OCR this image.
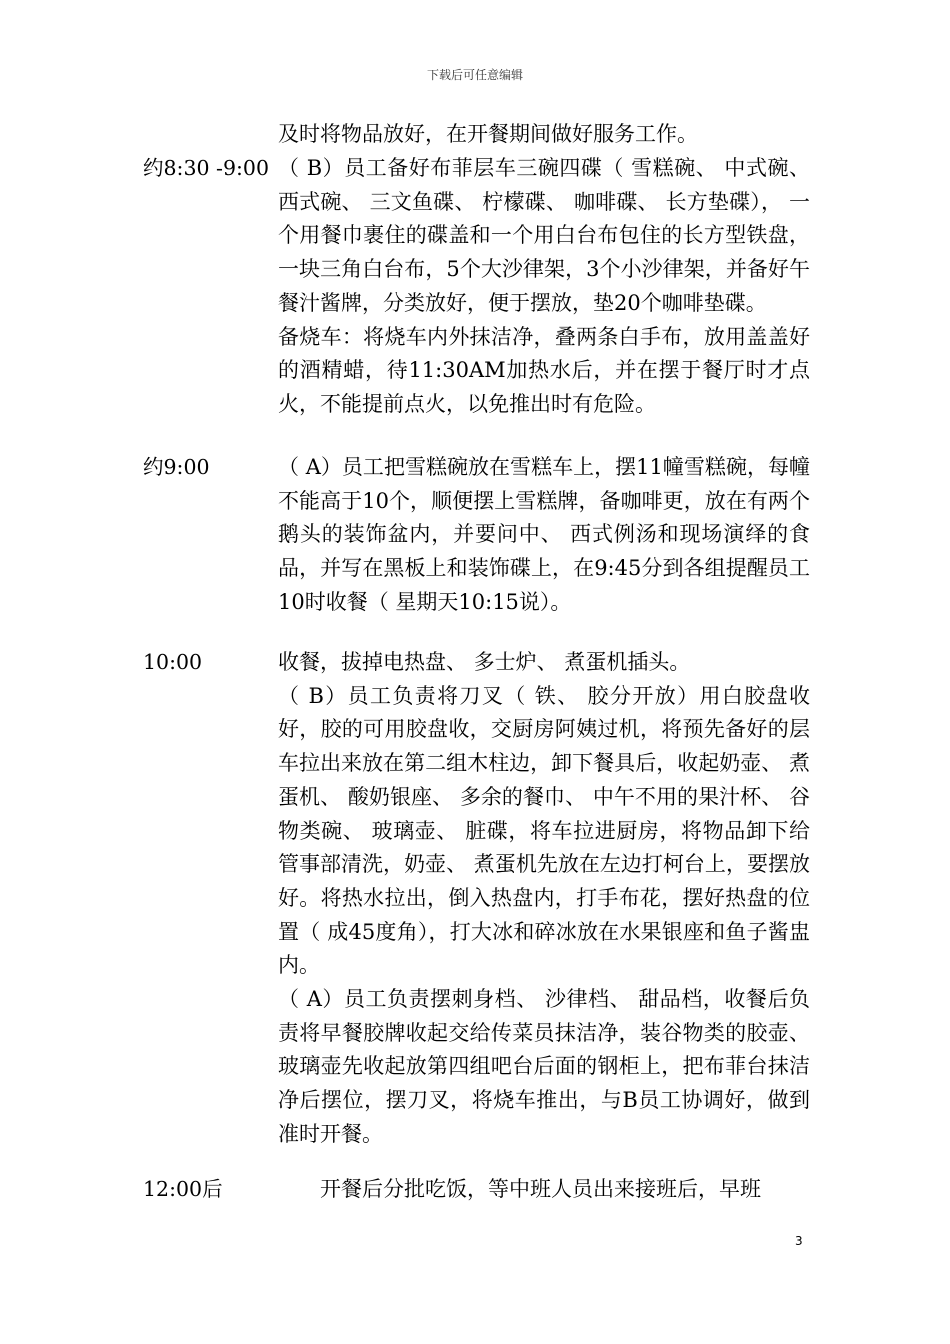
下载后可任意编辑
及时将物品放好，在开餐期间做好服务工作。
约8:30 -9:00 （ B）员工备好布菲层车三碗四碟（ 雪糕碗、 中式碗、 西式碗、 三文鱼碟、 柠檬碟、 咖啡碟、 长方垫碟）， 一个用餐巾裹住的碟盖和一个用白台布包住的长方型铁盘， 一块三角白台布，5个大沙律架，3个小沙律架，并备好午餐汁酱牌，分类放好，便于摆放，垫20个咖啡垫碟。
备烧车：将烧车内外抹洁净，叠两条白手布，放用盖盖好的酒精蜡，待11:30AM加热水后，并在摆于餐厅时才点火，不能提前点火，以免推出时有危险。
约9:00	（ A）员工把雪糕碗放在雪糕车上，摆11幢雪糕碗，每幢不能高于10个，顺便摆上雪糕牌，备咖啡更，放在有两个鹅头的装饰盆内，并要问中、 西式例汤和现场演绎的食品，并写在黑板上和装饰碟上，在9:45分到各组提醒员工10时收餐（ 星期天10:15说）。
10:00	收餐，拔掉电热盘、 多士炉、 煮蛋机插头。
（ B）员工负责将刀叉（ 铁、 胶分开放）用白胶盘收好，胶的可用胶盘收，交厨房阿姨过机，将预先备好的层车拉出来放在第二组木柱边，卸下餐具后，收起奶壶、 煮蛋机、 酸奶银座、 多余的餐巾、 中午不用的果汁杯、 谷物类碗、 玻璃壶、 脏碟，将车拉进厨房，将物品卸下给管事部清洗，奶壶、 煮蛋机先放在左边打柯台上，要摆放好。将热水拉出，倒入热盘内，打手布花，摆好热盘的位置（ 成45度角），打大冰和碎冰放在水果银座和鱼子酱盅内。
（ A）员工负责摆刺身档、 沙律档、 甜品档，收餐后负责将早餐胶牌收起交给传菜员抹洁净，装谷物类的胶壶、 玻璃壶先收起放第四组吧台后面的钢柜上，把布菲台抹洁净后摆位，摆刀叉，将烧车推出，与B员工协调好，做到准时开餐。
12:00后	开餐后分批吃饭，等中班人员出来接班后，早班
3
